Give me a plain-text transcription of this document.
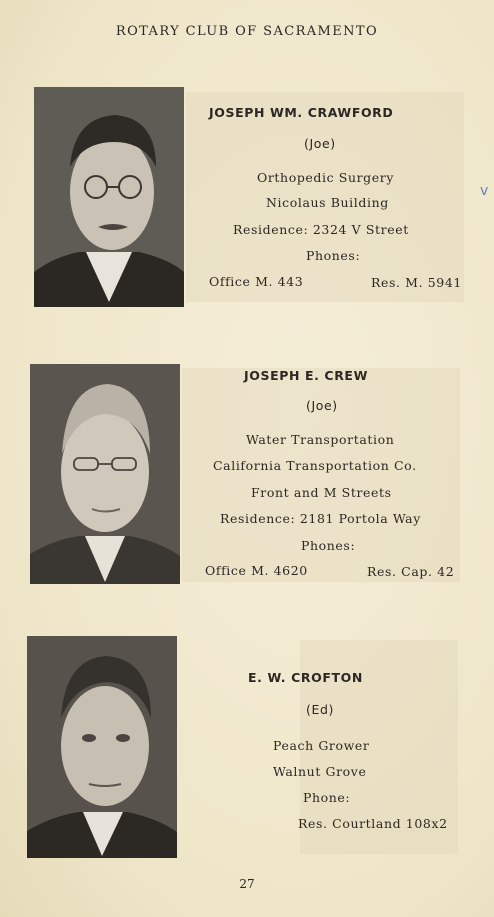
ROTARY CLUB OF SACRAMENTO
JOSEPH WM. CRAWFORD
(Joe)
Orthopedic Surgery
Nicolaus Building
Residence: 2324 V Street
Phones:
Office M. 443	Res. M. 5941
v
JOSEPH E. CREW
(Joe)
Water Transportation
California Transportation Co.
Front and M Streets
Residence: 2181 Portola Way
Phones:
Office M. 4620	Res. Cap. 42
E. W. CROFTON
(Ed)
Peach Grower
Walnut Grove
Phone:
Res. Courtland 108x2
27
